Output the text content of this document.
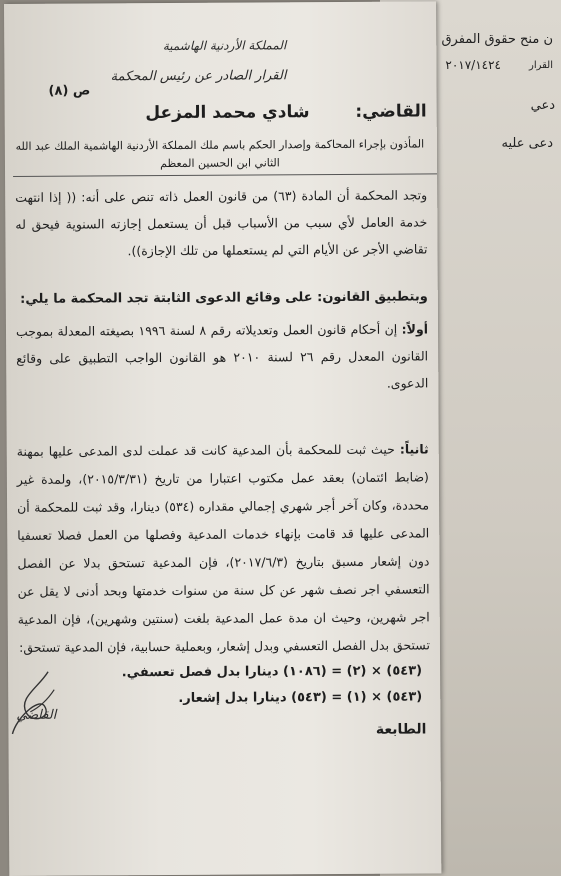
ن منح حقوق المفرق
٢٠١٧/١٤٢٤	القرار
دعي
دعى عليه
المملكة الأردنية الهاشمية
القرار الصادر عن رئيس المحكمة
ص (٨)
القاضي:  شادي محمد المزعل
المأذون بإجراء المحاكمة وإصدار الحكم باسم ملك المملكة الأردنية الهاشمية الملك عبد الله الثاني ابن الحسين المعظم
وتجد المحكمة أن المادة (٦٣) من قانون العمل ذاته تنص على أنه: (( إذا انتهت خدمة العامل لأي سبب من الأسباب قبل أن يستعمل إجازته السنوية فيحق له تقاضي الأجر عن الأيام التي لم يستعملها من تلك الإجازة)).
وبتطبيق القانون: على وقائع الدعوى الثابتة تجد المحكمة ما يلي:
أولاً: إن أحكام قانون العمل وتعديلاته رقم ٨ لسنة ١٩٩٦ بصيغته المعدلة بموجب القانون المعدل رقم ٢٦ لسنة ٢٠١٠ هو القانون الواجب التطبيق على وقائع الدعوى.
ثانياً: حيث ثبت للمحكمة بأن المدعية كانت قد عملت لدى المدعى عليها بمهنة (ضابط ائتمان) بعقد عمل مكتوب اعتبارا من تاريخ (٢٠١٥/٣/٣١)، ولمدة غير محددة، وكان آخر أجر شهري إجمالي مقداره (٥٣٤) دينارا، وقد ثبت للمحكمة أن المدعى عليها قد قامت بإنهاء خدمات المدعية وفصلها من العمل فصلا تعسفيا دون إشعار مسبق بتاريخ (٢٠١٧/٦/٣)، فإن المدعية تستحق بدلا عن الفصل التعسفي اجر نصف شهر عن كل سنة من سنوات خدمتها وبحد أدنى لا يقل عن اجر شهرين، وحيث ان مدة عمل المدعية بلغت (سنتين وشهرين)، فإن المدعية تستحق بدل الفصل التعسفي وبدل إشعار، وبعملية حسابية، فإن المدعية تستحق:
(٥٤٣) × (٢) = (١٠٨٦) دينارا بدل فصل تعسفي.
(٥٤٣) × (١) = (٥٤٣) دينارا بدل إشعار.
الطابعة
القاضي
